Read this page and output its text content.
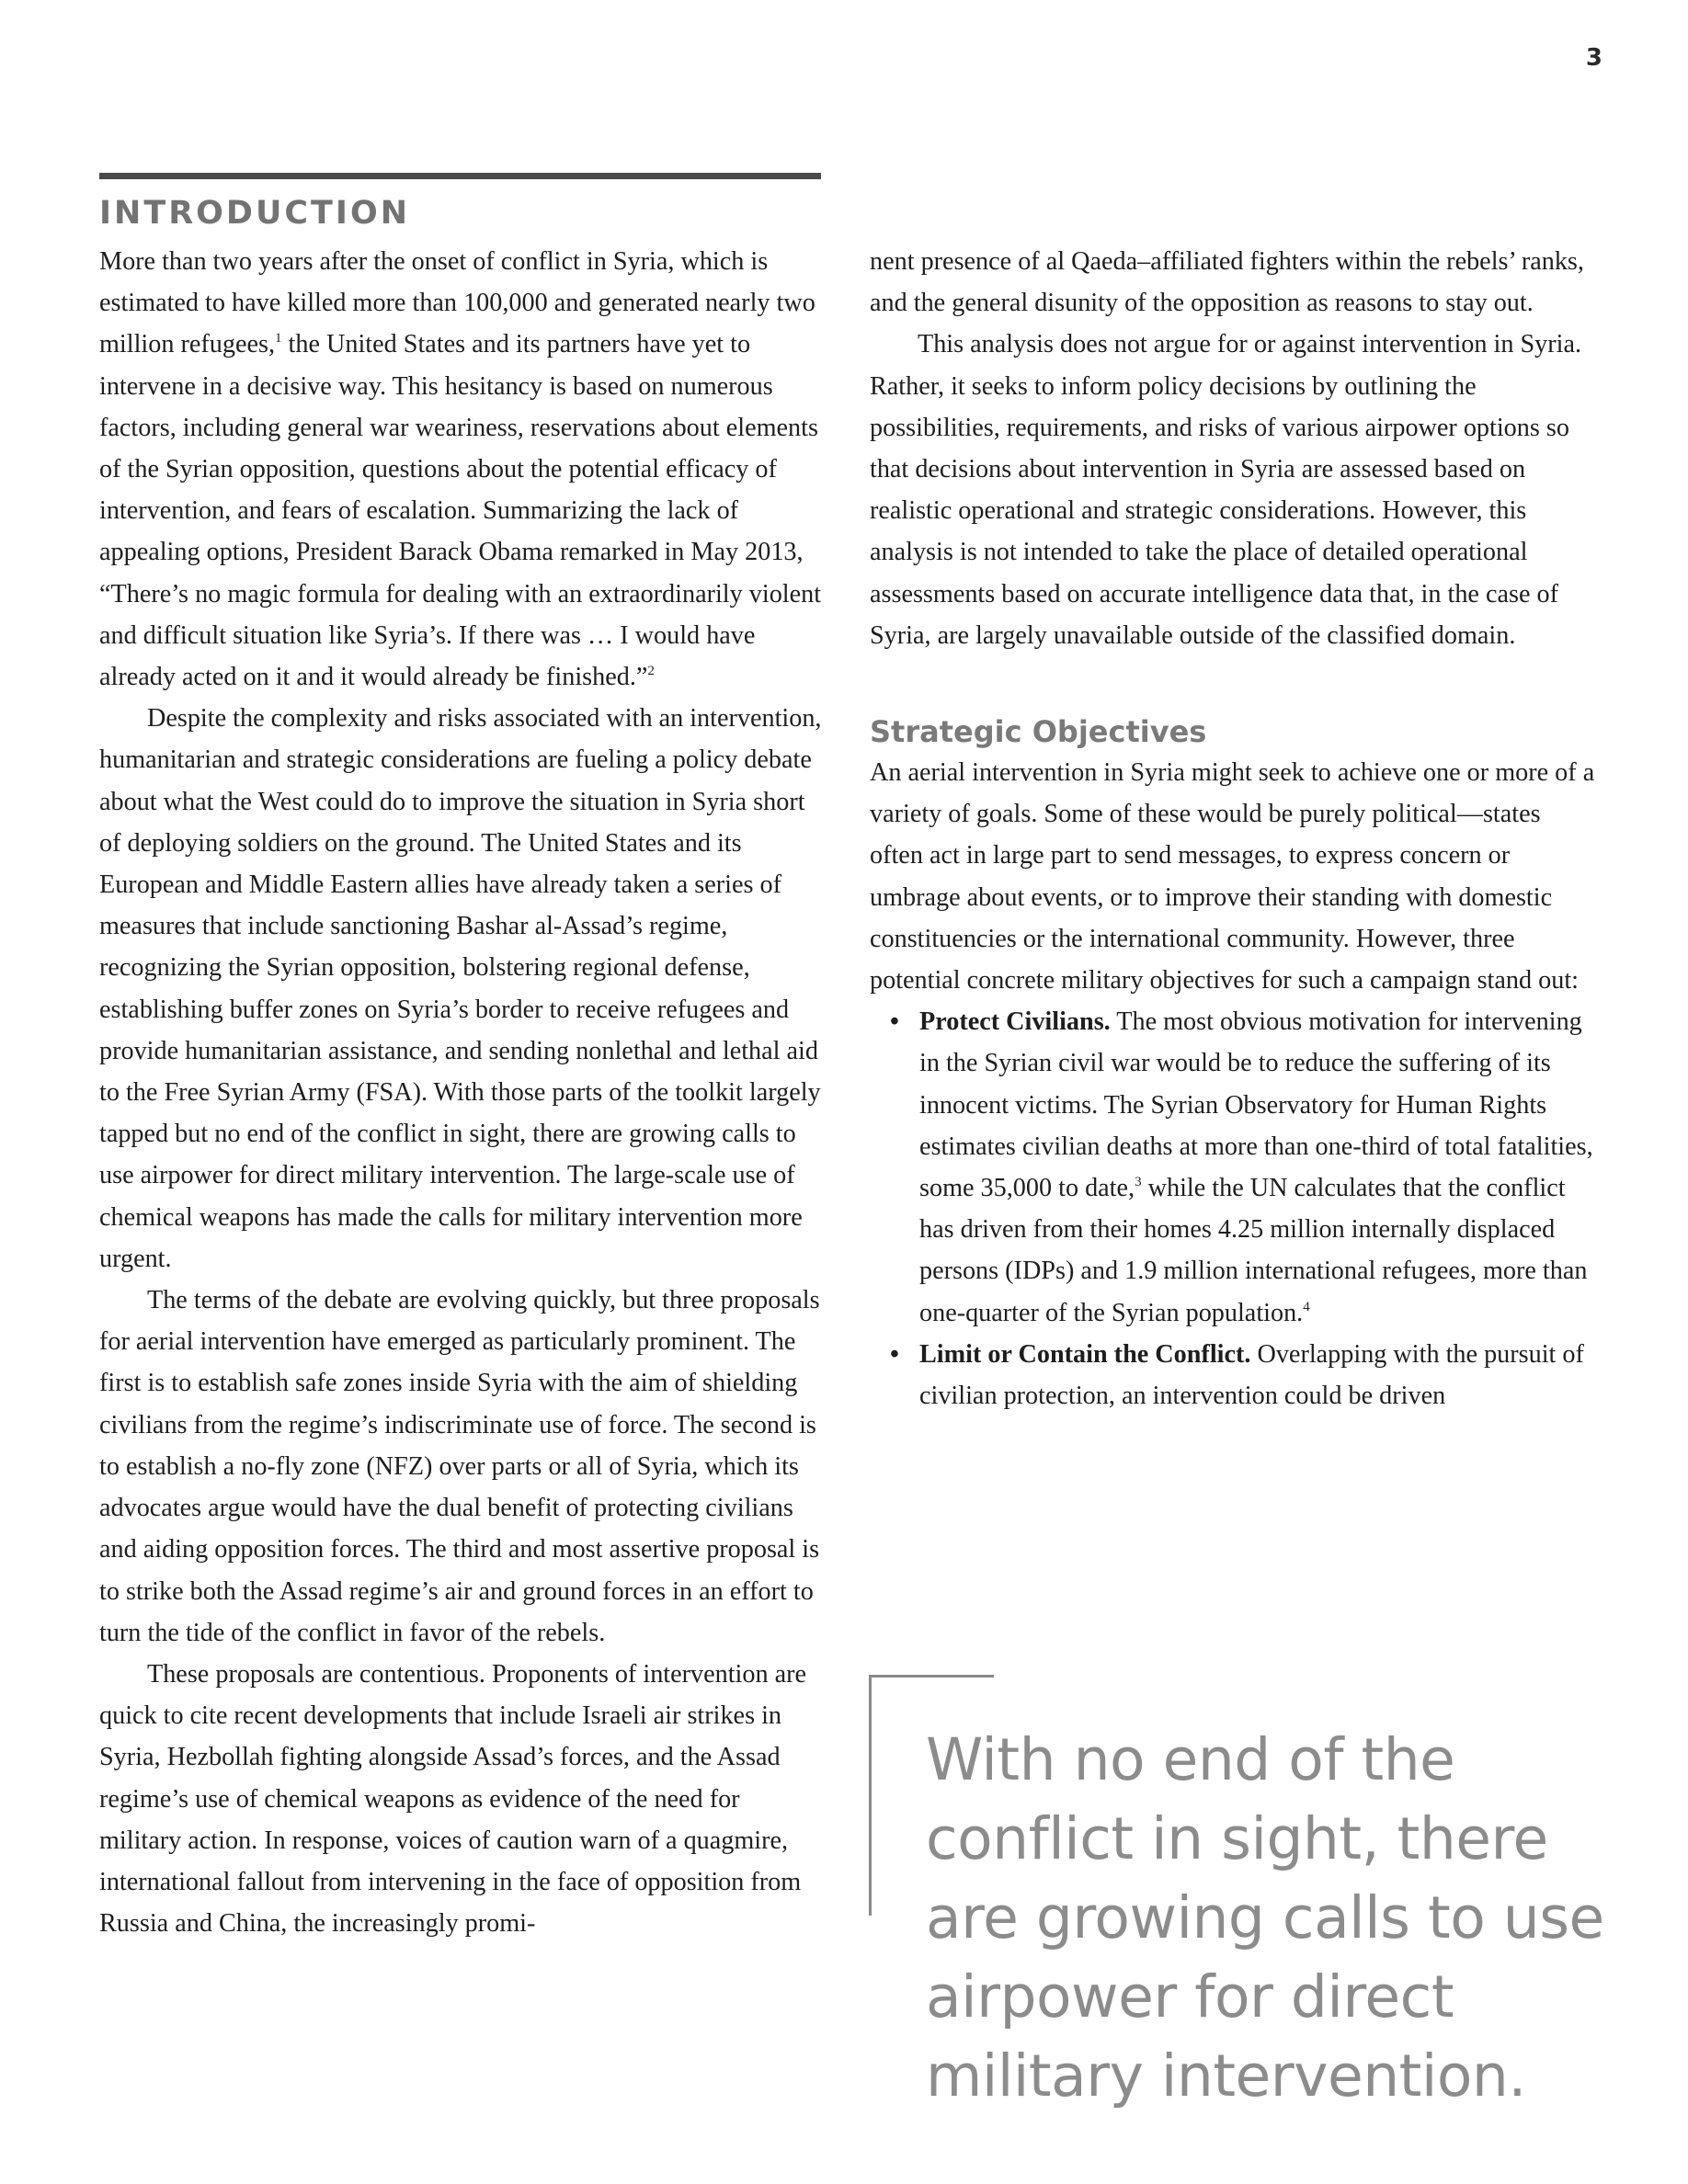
3
INTRODUCTION

More than two years after the onset of conflict in Syria, which is estimated to have killed more than 100,000 and generated nearly two million refugees,$^1$ the United States and its partners have yet to intervene in a decisive way. This hesitancy is based on numerous factors, including general war weariness, reservations about elements of the Syrian opposition, questions about the potential efficacy of intervention, and fears of escalation. Summarizing the lack of appealing options, President Barack Obama remarked in May 2013, “There’s no magic formula for dealing with an extraordinarily violent and difficult situation like Syria’s. If there was … I would have already acted on it and it would already be finished.”$^2$

Despite the complexity and risks associated with an intervention, humanitarian and strategic considerations are fueling a policy debate about what the West could do to improve the situation in Syria short of deploying soldiers on the ground. The United States and its European and Middle Eastern allies have already taken a series of measures that include sanctioning Bashar al-Assad’s regime, recognizing the Syrian opposition, bolstering regional defense, establishing buffer zones on Syria’s border to receive refugees and provide humanitarian assistance, and sending nonlethal and lethal aid to the Free Syrian Army (FSA). With those parts of the toolkit largely tapped but no end of the conflict in sight, there are growing calls to use airpower for direct military intervention. The large-scale use of chemical weapons has made the calls for military intervention more urgent.

The terms of the debate are evolving quickly, but three proposals for aerial intervention have emerged as particularly prominent. The first is to establish safe zones inside Syria with the aim of shielding civilians from the regime’s indiscriminate use of force. The second is to establish a no-fly zone (NFZ) over parts or all of Syria, which its advocates argue would have the dual benefit of protecting civilians and aiding opposition forces. The third and most assertive proposal is to strike both the Assad regime’s air and ground forces in an effort to turn the tide of the conflict in favor of the rebels.

These proposals are contentious. Proponents of intervention are quick to cite recent developments that include Israeli air strikes in Syria, Hezbollah fighting alongside Assad’s forces, and the Assad regime’s use of chemical weapons as evidence of the need for military action. In response, voices of caution warn of a quagmire, international fallout from intervening in the face of opposition from Russia and China, the increasingly promi-

nent presence of al Qaeda–affiliated fighters within the rebels’ ranks, and the general disunity of the opposition as reasons to stay out.

This analysis does not argue for or against intervention in Syria. Rather, it seeks to inform policy decisions by outlining the possibilities, requirements, and risks of various airpower options so that decisions about intervention in Syria are assessed based on realistic operational and strategic considerations. However, this analysis is not intended to take the place of detailed operational assessments based on accurate intelligence data that, in the case of Syria, are largely unavailable outside of the classified domain.

Strategic Objectives

An aerial intervention in Syria might seek to achieve one or more of a variety of goals. Some of these would be purely political—states often act in large part to send messages, to express concern or umbrage about events, or to improve their standing with domestic constituencies or the international community. However, three potential concrete military objectives for such a campaign stand out:

• Protect Civilians. The most obvious motivation for intervening in the Syrian civil war would be to reduce the suffering of its innocent victims. The Syrian Observatory for Human Rights estimates civilian deaths at more than one-third of total fatalities, some 35,000 to date,$^3$ while the UN calculates that the conflict has driven from their homes 4.25 million internally displaced persons (IDPs) and 1.9 million international refugees, more than one-quarter of the Syrian population.$^4$
• Limit or Contain the Conflict. Overlapping with the pursuit of civilian protection, an intervention could be driven

With no end of the conflict in sight, there are growing calls to use airpower for direct military intervention.
